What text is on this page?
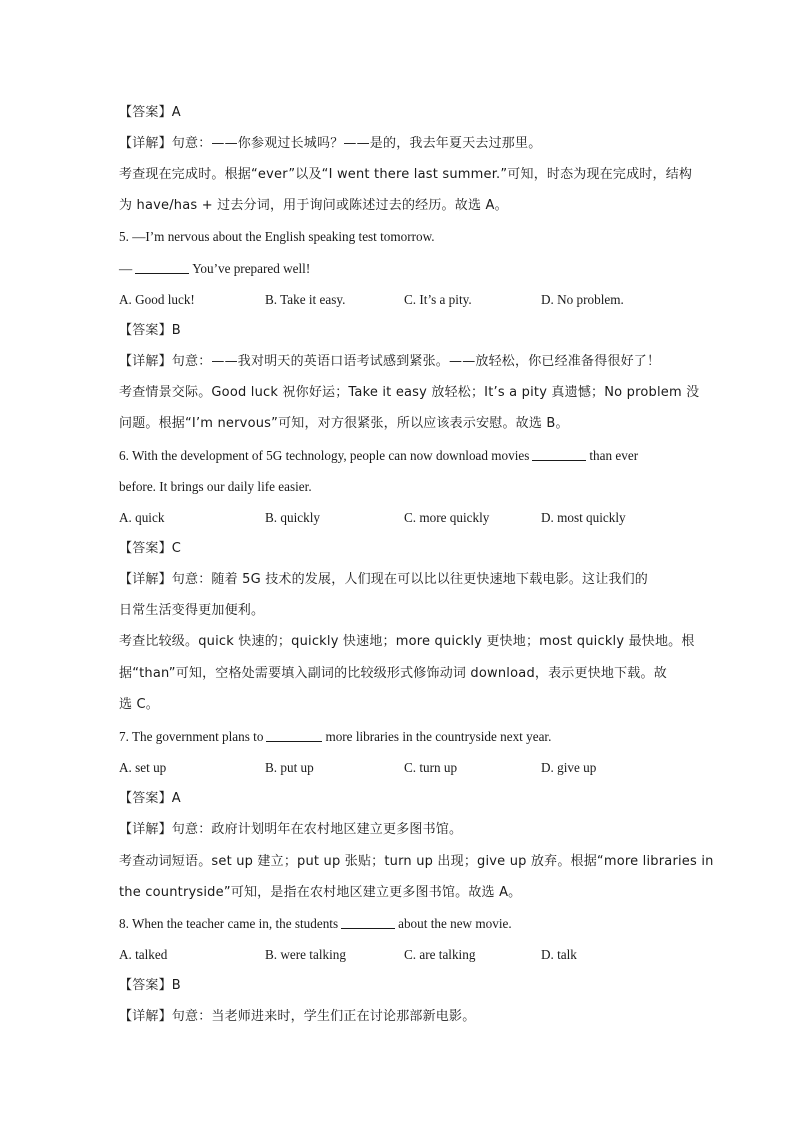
【答案】A
【详解】句意：——你参观过长城吗？——是的，我去年夏天去过那里。
考查现在完成时。根据“ever”以及“I went there last summer.”可知，时态为现在完成时，结构
为 have/has + 过去分词，用于询问或陈述过去的经历。故选 A。
5. —I’m nervous about the English speaking test tomorrow.
—	You’ve prepared well!
A. Good luck!	B. Take it easy.	C. It’s a pity.	D. No problem.
【答案】B
【详解】句意：——我对明天的英语口语考试感到紧张。——放轻松，你已经准备得很好了！
考查情景交际。Good luck 祝你好运；Take it easy 放轻松；It’s a pity 真遗憾；No problem 没
问题。根据“I’m nervous”可知，对方很紧张，所以应该表示安慰。故选 B。
6. With the development of 5G technology, people can now download movies	than ever
before. It brings our daily life easier.
A. quick	B. quickly	C. more quickly	D. most quickly
【答案】C
【详解】句意：随着 5G 技术的发展，人们现在可以比以往更快速地下载电影。这让我们的
日常生活变得更加便利。
考查比较级。quick 快速的；quickly 快速地；more quickly 更快地；most quickly 最快地。根
据“than”可知，空格处需要填入副词的比较级形式修饰动词 download，表示更快地下载。故
选 C。
7. The government plans to	more libraries in the countryside next year.
A. set up	B. put up	C. turn up	D. give up
【答案】A
【详解】句意：政府计划明年在农村地区建立更多图书馆。
考查动词短语。set up 建立；put up 张贴；turn up 出现；give up 放弃。根据“more libraries in
the countryside”可知，是指在农村地区建立更多图书馆。故选 A。
8. When the teacher came in, the students	about the new movie.
A. talked	B. were talking	C. are talking	D. talk
【答案】B
【详解】句意：当老师进来时，学生们正在讨论那部新电影。
